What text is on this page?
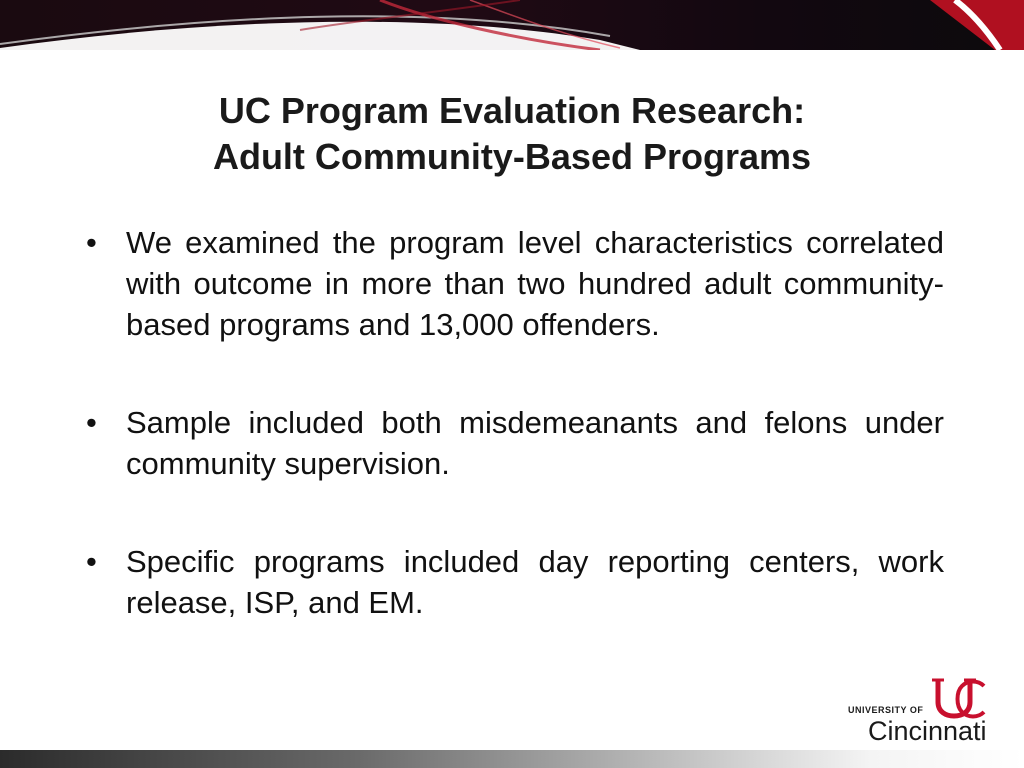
UC Program Evaluation Research:
Adult Community-Based Programs
• We examined the program level characteristics correlated with outcome in more than two hundred adult community-based programs and 13,000 offenders.
• Sample included both misdemeanants and felons under community supervision.
• Specific programs included day reporting centers, work release, ISP, and EM.
UNIVERSITY OF
Cincinnati
